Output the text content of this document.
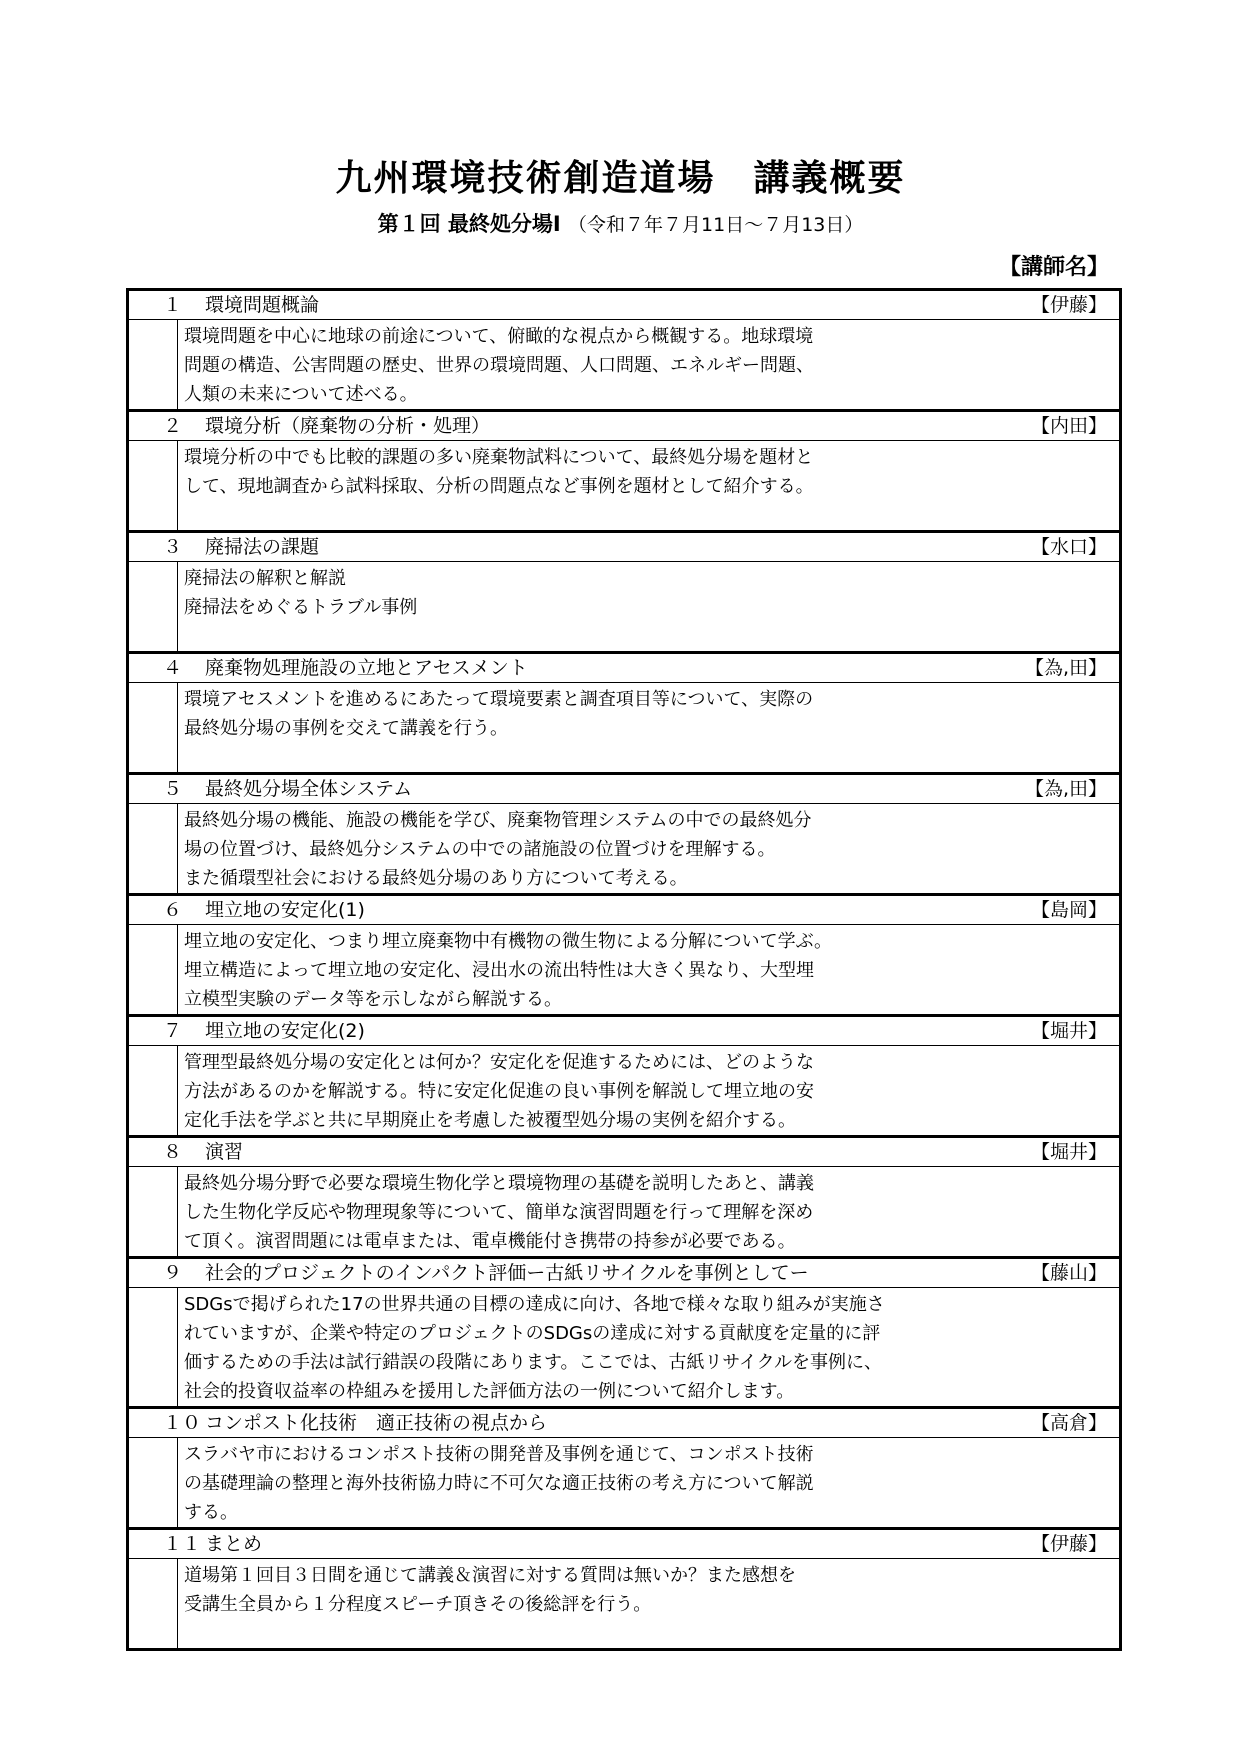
九州環境技術創造道場　講義概要
第１回 最終処分場Ⅰ （令和７年７月11日～７月13日）
【講師名】
１ 環境問題概論 【伊藤】	

	環境問題を中心に地球の前途について、俯瞰的な視点から概観する。地球環境
問題の構造、公害問題の歴史、世界の環境問題、人口問題、エネルギー問題、
人類の未来について述べる。

２ 環境分析（廃棄物の分析・処理） 【内田】	

	環境分析の中でも比較的課題の多い廃棄物試料について、最終処分場を題材と
して、現地調査から試料採取、分析の問題点など事例を題材として紹介する。

３ 廃掃法の課題 【水口】	

	廃掃法の解釈と解説
廃掃法をめぐるトラブル事例

４ 廃棄物処理施設の立地とアセスメント 【為,田】	

	環境アセスメントを進めるにあたって環境要素と調査項目等について、実際の
最終処分場の事例を交えて講義を行う。

５ 最終処分場全体システム 【為,田】	

	最終処分場の機能、施設の機能を学び、廃棄物管理システムの中での最終処分
場の位置づけ、最終処分システムの中での諸施設の位置づけを理解する。
また循環型社会における最終処分場のあり方について考える。

６ 埋立地の安定化(1) 【島岡】	

	埋立地の安定化、つまり埋立廃棄物中有機物の微生物による分解について学ぶ。
埋立構造によって埋立地の安定化、浸出水の流出特性は大きく異なり、大型埋
立模型実験のデータ等を示しながら解説する。

７ 埋立地の安定化(2) 【堀井】	

	管理型最終処分場の安定化とは何か？安定化を促進するためには、どのような
方法があるのかを解説する。特に安定化促進の良い事例を解説して埋立地の安
定化手法を学ぶと共に早期廃止を考慮した被覆型処分場の実例を紹介する。

８ 演習 【堀井】	

	最終処分場分野で必要な環境生物化学と環境物理の基礎を説明したあと、講義
した生物化学反応や物理現象等について、簡単な演習問題を行って理解を深め
て頂く。演習問題には電卓または、電卓機能付き携帯の持参が必要である。

９ 社会的プロジェクトのインパクト評価ー古紙リサイクルを事例としてー 【藤山】	

	SDGsで掲げられた17の世界共通の目標の達成に向け、各地で様々な取り組みが実施さ
れていますが、企業や特定のプロジェクトのSDGsの達成に対する貢献度を定量的に評
価するための手法は試行錯誤の段階にあります。ここでは、古紙リサイクルを事例に、
社会的投資収益率の枠組みを援用した評価方法の一例について紹介します。

１０ コンポスト化技術　適正技術の視点から 【高倉】	

	スラバヤ市におけるコンポスト技術の開発普及事例を通じて、コンポスト技術
の基礎理論の整理と海外技術協力時に不可欠な適正技術の考え方について解説
する。

１１ まとめ 【伊藤】	

	道場第１回目３日間を通じて講義＆演習に対する質問は無いか？また感想を
受講生全員から１分程度スピーチ頂きその後総評を行う。
